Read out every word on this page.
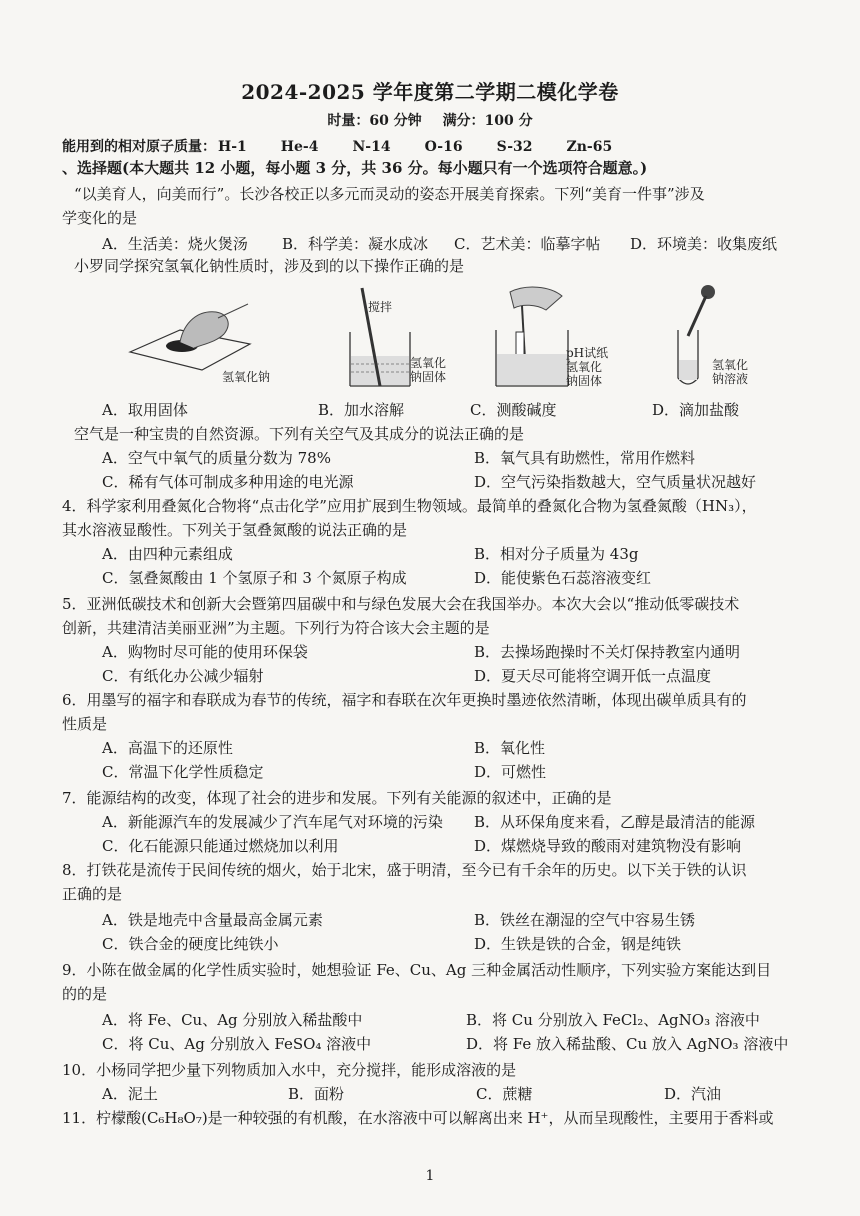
2024-2025 学年度第二学期二模化学卷
时量：60 分钟 满分：100 分
能用到的相对原子质量： H-1 He-4 N-14 O-16 S-32 Zn-65
、选择题(本大题共 12 小题，每小题 3 分，共 36 分。每小题只有一个选项符合题意。)
“以美育人，向美而行”。长沙各校正以多元而灵动的姿态开展美育探索。下列“美育一件事”涉及
学变化的是
A．生活美：烧火煲汤 B．科学美：凝水成冰 C．艺术美：临摹字帖 D．环境美：收集废纸
小罗同学探究氢氧化钠性质时，涉及到的以下操作正确的是
氢氧化钠
搅拌
氢氧化
钠固体
pH试纸
氢氧化
钠固体
氢氧化
钠溶液
A．取用固体	B．加水溶解	C．测酸碱度	D．滴加盐酸
空气是一种宝贵的自然资源。下列有关空气及其成分的说法正确的是
A．空气中氧气的质量分数为 78%	B．氧气具有助燃性，常用作燃料
C．稀有气体可制成多种用途的电光源	D．空气污染指数越大，空气质量状况越好
4．科学家利用叠氮化合物将“点击化学”应用扩展到生物领域。最简单的叠氮化合物为氢叠氮酸（HN₃），
其水溶液显酸性。下列关于氢叠氮酸的说法正确的是
A．由四种元素组成	B．相对分子质量为 43g
C．氢叠氮酸由 1 个氢原子和 3 个氮原子构成	D．能使紫色石蕊溶液变红
5．亚洲低碳技术和创新大会暨第四届碳中和与绿色发展大会在我国举办。本次大会以“推动低零碳技术
创新，共建清洁美丽亚洲”为主题。下列行为符合该大会主题的是
A．购物时尽可能的使用环保袋	B．去操场跑操时不关灯保持教室内通明
C．有纸化办公减少辐射	D．夏天尽可能将空调开低一点温度
6．用墨写的福字和春联成为春节的传统，福字和春联在次年更换时墨迹依然清晰，体现出碳单质具有的
性质是
A．高温下的还原性	B．氧化性
C．常温下化学性质稳定	D．可燃性
7．能源结构的改变，体现了社会的进步和发展。下列有关能源的叙述中，正确的是
A．新能源汽车的发展减少了汽车尾气对环境的污染 B．从环保角度来看，乙醇是最清洁的能源
C．化石能源只能通过燃烧加以利用	D．煤燃烧导致的酸雨对建筑物没有影响
8．打铁花是流传于民间传统的烟火，始于北宋，盛于明清，至今已有千余年的历史。以下关于铁的认识
正确的是
A．铁是地壳中含量最高金属元素	B．铁丝在潮湿的空气中容易生锈
C．铁合金的硬度比纯铁小	D．生铁是铁的合金，钢是纯铁
9．小陈在做金属的化学性质实验时，她想验证 Fe、Cu、Ag 三种金属活动性顺序，下列实验方案能达到目
的的是
A．将 Fe、Cu、Ag 分别放入稀盐酸中	B．将 Cu 分别放入 FeCl₂、AgNO₃ 溶液中
C．将 Cu、Ag 分别放入 FeSO₄ 溶液中	D．将 Fe 放入稀盐酸、Cu 放入 AgNO₃ 溶液中
10．小杨同学把少量下列物质加入水中，充分搅拌，能形成溶液的是
A．泥土	B．面粉	C．蔗糖	D．汽油
11．柠檬酸(C₆H₈O₇)是一种较强的有机酸，在水溶液中可以解离出来 H⁺，从而呈现酸性，主要用于香料或
1
